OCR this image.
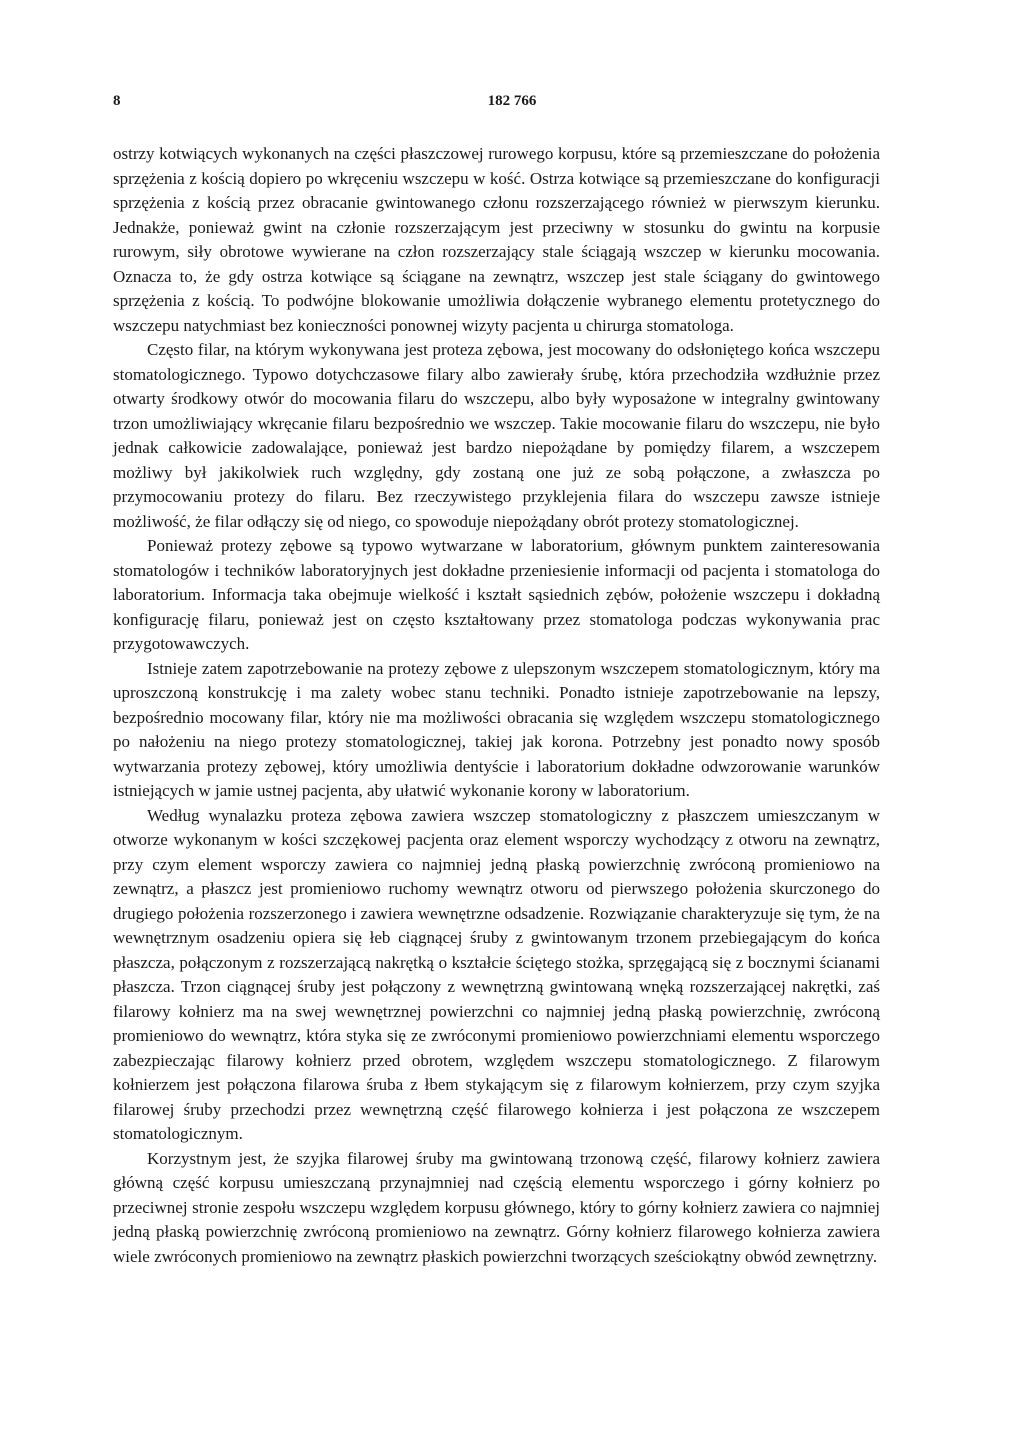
8	182 766

ostrzy kotwiących wykonanych na części płaszczowej rurowego korpusu, które są przemieszczane do położenia sprzężenia z kością dopiero po wkręceniu wszczepu w kość. Ostrza kotwiące są przemieszczane do konfiguracji sprzężenia z kością przez obracanie gwintowanego członu rozszerzającego również w pierwszym kierunku. Jednakże, ponieważ gwint na członie rozszerzającym jest przeciwny w stosunku do gwintu na korpusie rurowym, siły obrotowe wywierane na człon rozszerzający stale ściągają wszczep w kierunku mocowania. Oznacza to, że gdy ostrza kotwiące są ściągane na zewnątrz, wszczep jest stale ściągany do gwintowego sprzężenia z kością. To podwójne blokowanie umożliwia dołączenie wybranego elementu protetycznego do wszczepu natychmiast bez konieczności ponownej wizyty pacjenta u chirurga stomatologa.

Często filar, na którym wykonywana jest proteza zębowa, jest mocowany do odsłoniętego końca wszczepu stomatologicznego. Typowo dotychczasowe filary albo zawierały śrubę, która przechodziła wzdłużnie przez otwarty środkowy otwór do mocowania filaru do wszczepu, albo były wyposażone w integralny gwintowany trzon umożliwiający wkręcanie filaru bezpośrednio we wszczep. Takie mocowanie filaru do wszczepu, nie było jednak całkowicie zadowalające, ponieważ jest bardzo niepożądane by pomiędzy filarem, a wszczepem możliwy był jakikolwiek ruch względny, gdy zostaną one już ze sobą połączone, a zwłaszcza po przymocowaniu protezy do filaru. Bez rzeczywistego przyklejenia filara do wszczepu zawsze istnieje możliwość, że filar odłączy się od niego, co spowoduje niepożądany obrót protezy stomatologicznej.

Ponieważ protezy zębowe są typowo wytwarzane w laboratorium, głównym punktem zainteresowania stomatologów i techników laboratoryjnych jest dokładne przeniesienie informacji od pacjenta i stomatologa do laboratorium. Informacja taka obejmuje wielkość i kształt sąsiednich zębów, położenie wszczepu i dokładną konfigurację filaru, ponieważ jest on często kształtowany przez stomatologa podczas wykonywania prac przygotowawczych.

Istnieje zatem zapotrzebowanie na protezy zębowe z ulepszonym wszczepem stomatologicznym, który ma uproszczoną konstrukcję i ma zalety wobec stanu techniki. Ponadto istnieje zapotrzebowanie na lepszy, bezpośrednio mocowany filar, który nie ma możliwości obracania się względem wszczepu stomatologicznego po nałożeniu na niego protezy stomatologicznej, takiej jak korona. Potrzebny jest ponadto nowy sposób wytwarzania protezy zębowej, który umożliwia dentyście i laboratorium dokładne odwzorowanie warunków istniejących w jamie ustnej pacjenta, aby ułatwić wykonanie korony w laboratorium.

Według wynalazku proteza zębowa zawiera wszczep stomatologiczny z płaszczem umieszczanym w otworze wykonanym w kości szczękowej pacjenta oraz element wsporczy wychodzący z otworu na zewnątrz, przy czym element wsporczy zawiera co najmniej jedną płaską powierzchnię zwróconą promieniowo na zewnątrz, a płaszcz jest promieniowo ruchomy wewnątrz otworu od pierwszego położenia skurczonego do drugiego położenia rozszerzonego i zawiera wewnętrzne odsadzenie. Rozwiązanie charakteryzuje się tym, że na wewnętrznym osadzeniu opiera się łeb ciągnącej śruby z gwintowanym trzonem przebiegającym do końca płaszcza, połączonym z rozszerzającą nakrętką o kształcie ściętego stożka, sprzęgającą się z bocznymi ścianami płaszcza. Trzon ciągnącej śruby jest połączony z wewnętrzną gwintowaną wnęką rozszerzającej nakrętki, zaś filarowy kołnierz ma na swej wewnętrznej powierzchni co najmniej jedną płaską powierzchnię, zwróconą promieniowo do wewnątrz, która styka się ze zwróconymi promieniowo powierzchniami elementu wsporczego zabezpieczając filarowy kołnierz przed obrotem, względem wszczepu stomatologicznego. Z filarowym kołnierzem jest połączona filarowa śruba z łbem stykającym się z filarowym kołnierzem, przy czym szyjka filarowej śruby przechodzi przez wewnętrzną część filarowego kołnierza i jest połączona ze wszczepem stomatologicznym.

Korzystnym jest, że szyjka filarowej śruby ma gwintowaną trzonową część, filarowy kołnierz zawiera główną część korpusu umieszczaną przynajmniej nad częścią elementu wsporczego i górny kołnierz po przeciwnej stronie zespołu wszczepu względem korpusu głównego, który to górny kołnierz zawiera co najmniej jedną płaską powierzchnię zwróconą promieniowo na zewnątrz. Górny kołnierz filarowego kołnierza zawiera wiele zwróconych promieniowo na zewnątrz płaskich powierzchni tworzących sześciokątny obwód zewnętrzny.
